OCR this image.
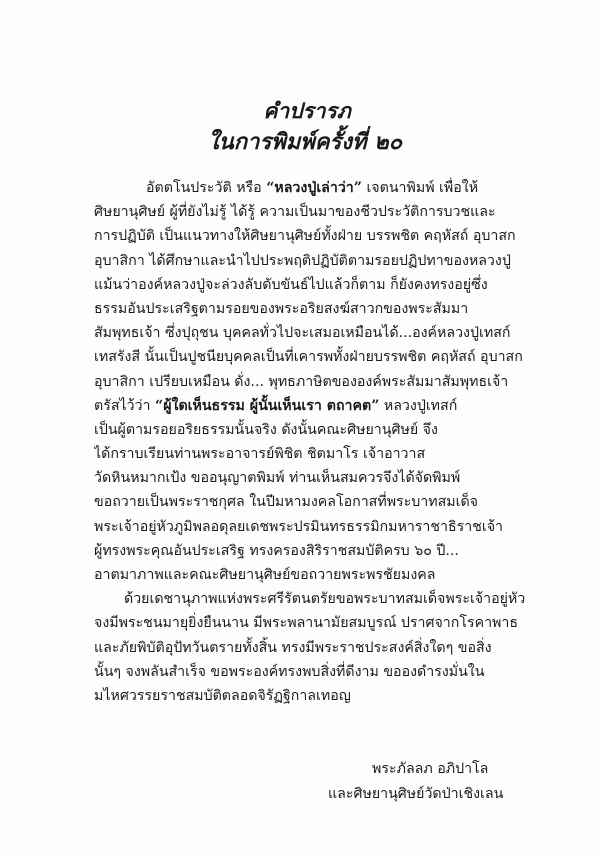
คำปรารภ
ในการพิมพ์ครั้งที่ ๒๐
อัตตโนประวัติ หรือ “หลวงปู่เล่าว่า” เจตนาพิมพ์ เพื่อให้
ศิษยานุศิษย์ ผู้ที่ยังไม่รู้ ได้รู้ ความเป็นมาของชีวประวัติการบวชและ
การปฏิบัติ เป็นแนวทางให้ศิษยานุศิษย์ทั้งฝ่าย บรรพชิต คฤหัสถ์ อุบาสก
อุบาสิกา ได้ศึกษาและนำไปประพฤติปฏิบัติตามรอยปฏิปทาของหลวงปู่
แม้นว่าองค์หลวงปู่จะล่วงลับดับขันธ์ไปแล้วก็ตาม ก็ยังคงทรงอยู่ซึ่ง
ธรรมอันประเสริฐตามรอยของพระอริยสงฆ์สาวกของพระสัมมา
สัมพุทธเจ้า ซึ่งปุถุชน บุคคลทั่วไปจะเสมอเหมือนได้...องค์หลวงปู่เทสก์
เทสรังสี นั้นเป็นปูชนียบุคคลเป็นที่เคารพทั้งฝ่ายบรรพชิต คฤหัสถ์ อุบาสก
อุบาสิกา เปรียบเหมือน ดั่ง... พุทธภาษิตขององค์พระสัมมาสัมพุทธเจ้า
ตรัสไว้ว่า “ผู้ใดเห็นธรรม ผู้นั้นเห็นเรา ตถาคต” หลวงปู่เทสก์
เป็นผู้ตามรอยอริยธรรมนั้นจริง ดังนั้นคณะศิษยานุศิษย์ จึง
ได้กราบเรียนท่านพระอาจารย์พิชิต ชิตมาโร เจ้าอาวาส
วัดหินหมากเป้ง ขออนุญาตพิมพ์ ท่านเห็นสมควรจึงได้จัดพิมพ์
ขอถวายเป็นพระราชกุศล ในปีมหามงคลโอกาสที่พระบาทสมเด็จ
พระเจ้าอยู่หัวภูมิพลอดุลยเดชพระปรมินทรธรรมิกมหาราชาธิราชเจ้า
ผู้ทรงพระคุณอันประเสริฐ ทรงครองสิริราชสมบัติครบ ๖๐ ปี...
อาตมาภาพและคณะศิษยานุศิษย์ขอถวายพระพรชัยมงคล
ด้วยเดชานุภาพแห่งพระศรีรัตนตรัยขอพระบาทสมเด็จพระเจ้าอยู่หัว
จงมีพระชนมายุยิ่งยืนนาน มีพระพลานามัยสมบูรณ์ ปราศจากโรคาพาธ
และภัยพิบัติอุปัทวันตรายทั้งสิ้น ทรงมีพระราชประสงค์สิ่งใดๆ ขอสิ่ง
นั้นๆ จงพลันสำเร็จ ขอพระองค์ทรงพบสิ่งที่ดีงาม ขอองดำรงมั่นใน
มไหศวรรยราชสมบัติตลอดจิรัฏฐิกาลเทอญ
พระภัลลภ อภิปาโล
และศิษยานุศิษย์วัดป่าเชิงเลน
